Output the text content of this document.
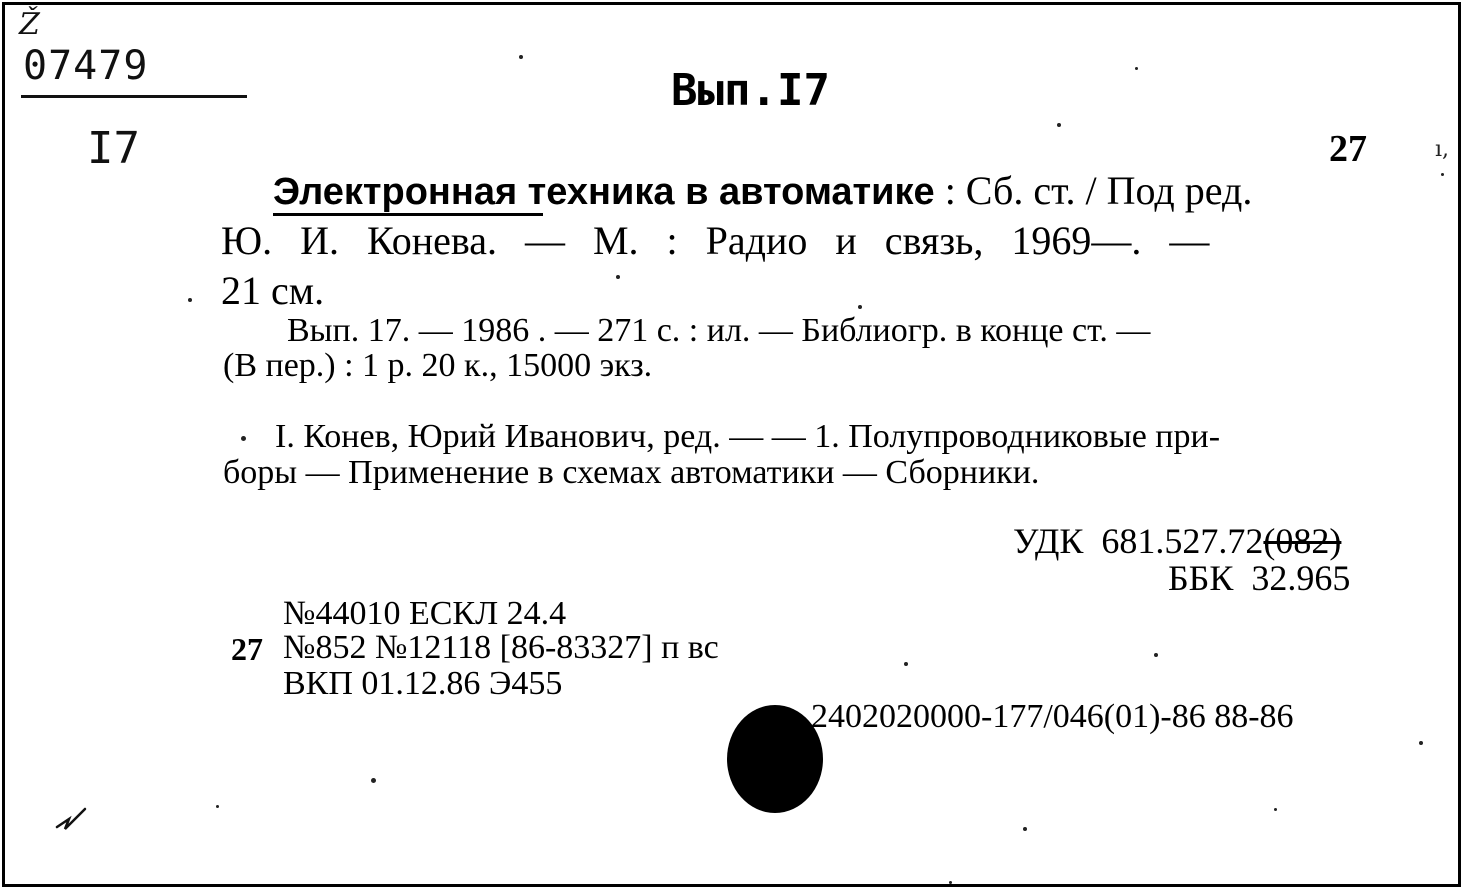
Ž
07479
I7
Вып.I7
27	ı,
Электронная техника в автоматике : Сб. ст. / Под ред.
Ю. И. Конева. — М. : Радио и связь, 1969—. —
21 см.
Вып. 17. — 1986 . — 271 с. : ил. — Библиогр. в конце ст. —
(В пер.) : 1 р. 20 к., 15000 экз.
I. Конев, Юрий Иванович, ред. — — 1. Полупроводниковые при-
боры — Применение в схемах автоматики — Сборники.
УДК 681.527.72(082)
ББК 32.965
№44010 ЕСКЛ 24.4
27 №852 №12118 [86-83327] п вс
ВКП 01.12.86 Э455
2402020000-177/046(01)-86 88-86
